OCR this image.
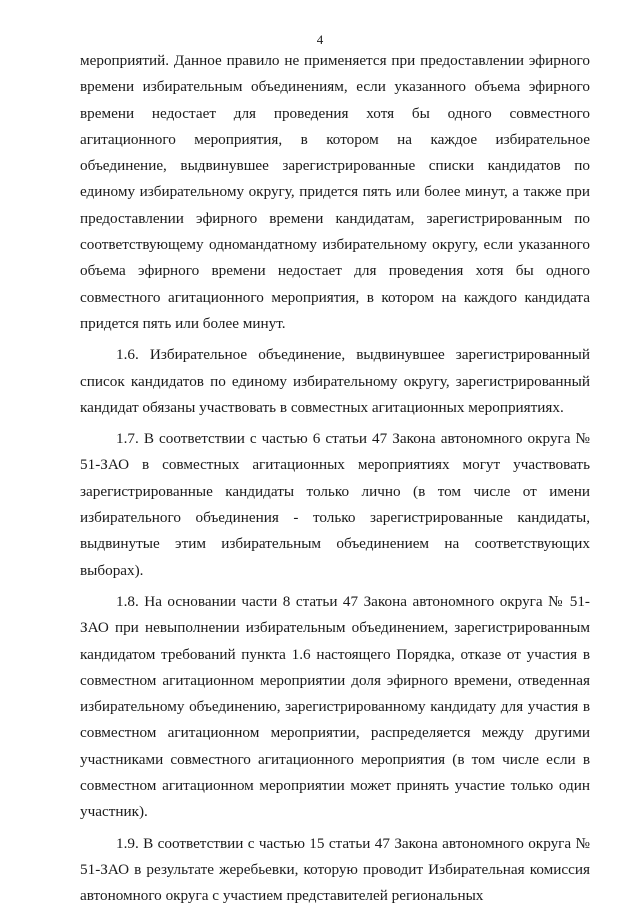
4

мероприятий. Данное правило не применяется при предоставлении эфирного времени избирательным объединениям, если указанного объема эфирного времени недостает для проведения хотя бы одного совместного агитационного мероприятия, в котором на каждое избирательное объединение, выдвинувшее зарегистрированные списки кандидатов по единому избирательному округу, придется пять или более минут, а также при предоставлении эфирного времени кандидатам, зарегистрированным по соответствующему одномандатному избирательному округу, если указанного объема эфирного времени недостает для проведения хотя бы одного совместного агитационного мероприятия, в котором на каждого кандидата придется пять или более минут.

1.6. Избирательное объединение, выдвинувшее зарегистрированный список кандидатов по единому избирательному округу, зарегистрированный кандидат обязаны участвовать в совместных агитационных мероприятиях.

1.7. В соответствии с частью 6 статьи 47 Закона автономного округа № 51-ЗАО в совместных агитационных мероприятиях могут участвовать зарегистрированные кандидаты только лично (в том числе от имени избирательного объединения - только зарегистрированные кандидаты, выдвинутые этим избирательным объединением на соответствующих выборах).

1.8. На основании части 8 статьи 47 Закона автономного округа № 51-ЗАО при невыполнении избирательным объединением, зарегистрированным кандидатом требований пункта 1.6 настоящего Порядка, отказе от участия в совместном агитационном мероприятии доля эфирного времени, отведенная избирательному объединению, зарегистрированному кандидату для участия в совместном агитационном мероприятии, распределяется между другими участниками совместного агитационного мероприятия (в том числе если в совместном агитационном мероприятии может принять участие только один участник).

1.9. В соответствии с частью 15 статьи 47 Закона автономного округа № 51-ЗАО в результате жеребьевки, которую проводит Избирательная комиссия автономного округа с участием представителей региональных
